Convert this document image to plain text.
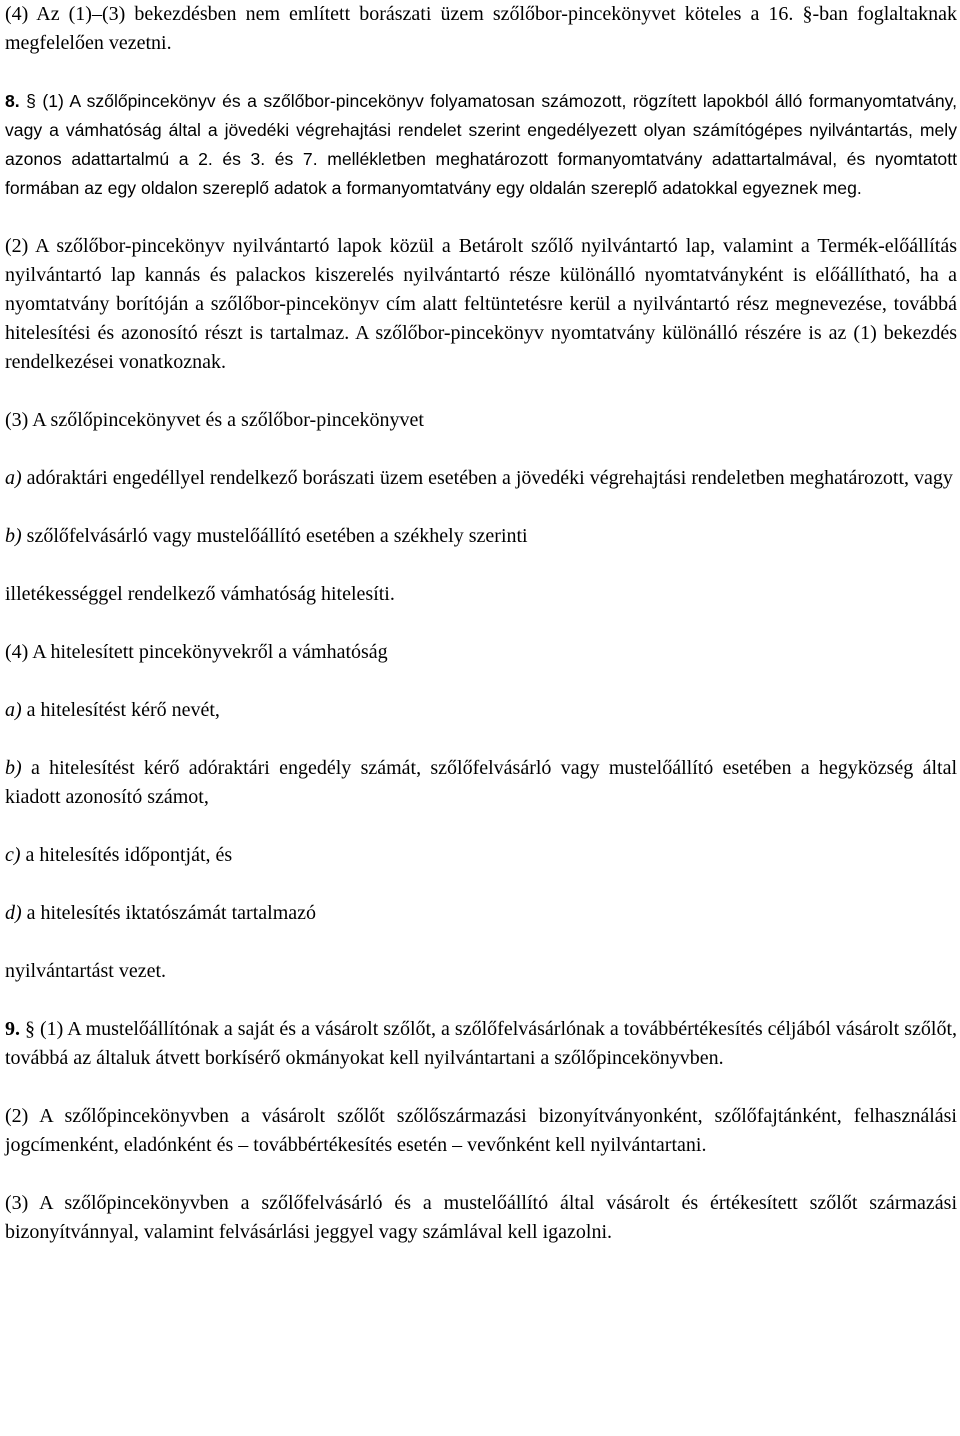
(4) Az (1)–(3) bekezdésben nem említett borászati üzem szőlőbor-pincekönyvet köteles a 16. §-ban foglaltaknak megfelelően vezetni.

8. § (1) A szőlőpincekönyv és a szőlőbor-pincekönyv folyamatosan számozott, rögzített lapokból álló formanyomtatvány, vagy a vámhatóság által a jövedéki végrehajtási rendelet szerint engedélyezett olyan számítógépes nyilvántartás, mely azonos adattartalmú a 2. és 3. és 7. mellékletben meghatározott formanyomtatvány adattartalmával, és nyomtatott formában az egy oldalon szereplő adatok a formanyomtatvány egy oldalán szereplő adatokkal egyeznek meg.

(2) A szőlőbor-pincekönyv nyilvántartó lapok közül a Betárolt szőlő nyilvántartó lap, valamint a Termék-előállítás nyilvántartó lap kannás és palackos kiszerelés nyilvántartó része különálló nyomtatványként is előállítható, ha a nyomtatvány borítóján a szőlőbor-pincekönyv cím alatt feltüntetésre kerül a nyilvántartó rész megnevezése, továbbá hitelesítési és azonosító részt is tartalmaz. A szőlőbor-pincekönyv nyomtatvány különálló részére is az (1) bekezdés rendelkezései vonatkoznak.

(3) A szőlőpincekönyvet és a szőlőbor-pincekönyvet

a) adóraktári engedéllyel rendelkező borászati üzem esetében a jövedéki végrehajtási rendeletben meghatározott, vagy

b) szőlőfelvásárló vagy mustelőállító esetében a székhely szerinti

illetékességgel rendelkező vámhatóság hitelesíti.

(4) A hitelesített pincekönyvekről a vámhatóság

a) a hitelesítést kérő nevét,

b) a hitelesítést kérő adóraktári engedély számát, szőlőfelvásárló vagy mustelőállító esetében a hegyközség által kiadott azonosító számot,

c) a hitelesítés időpontját, és

d) a hitelesítés iktatószámát tartalmazó

nyilvántartást vezet.

9. § (1) A mustelőállítónak a saját és a vásárolt szőlőt, a szőlőfelvásárlónak a továbbértékesítés céljából vásárolt szőlőt, továbbá az általuk átvett borkísérő okmányokat kell nyilvántartani a szőlőpincekönyvben.

(2) A szőlőpincekönyvben a vásárolt szőlőt szőlőszármazási bizonyítványonként, szőlőfajtánként, felhasználási jogcímenként, eladónként és – továbbértékesítés esetén – vevőnként kell nyilvántartani.

(3) A szőlőpincekönyvben a szőlőfelvásárló és a mustelőállító által vásárolt és értékesített szőlőt származási bizonyítvánnyal, valamint felvásárlási jeggyel vagy számlával kell igazolni.
